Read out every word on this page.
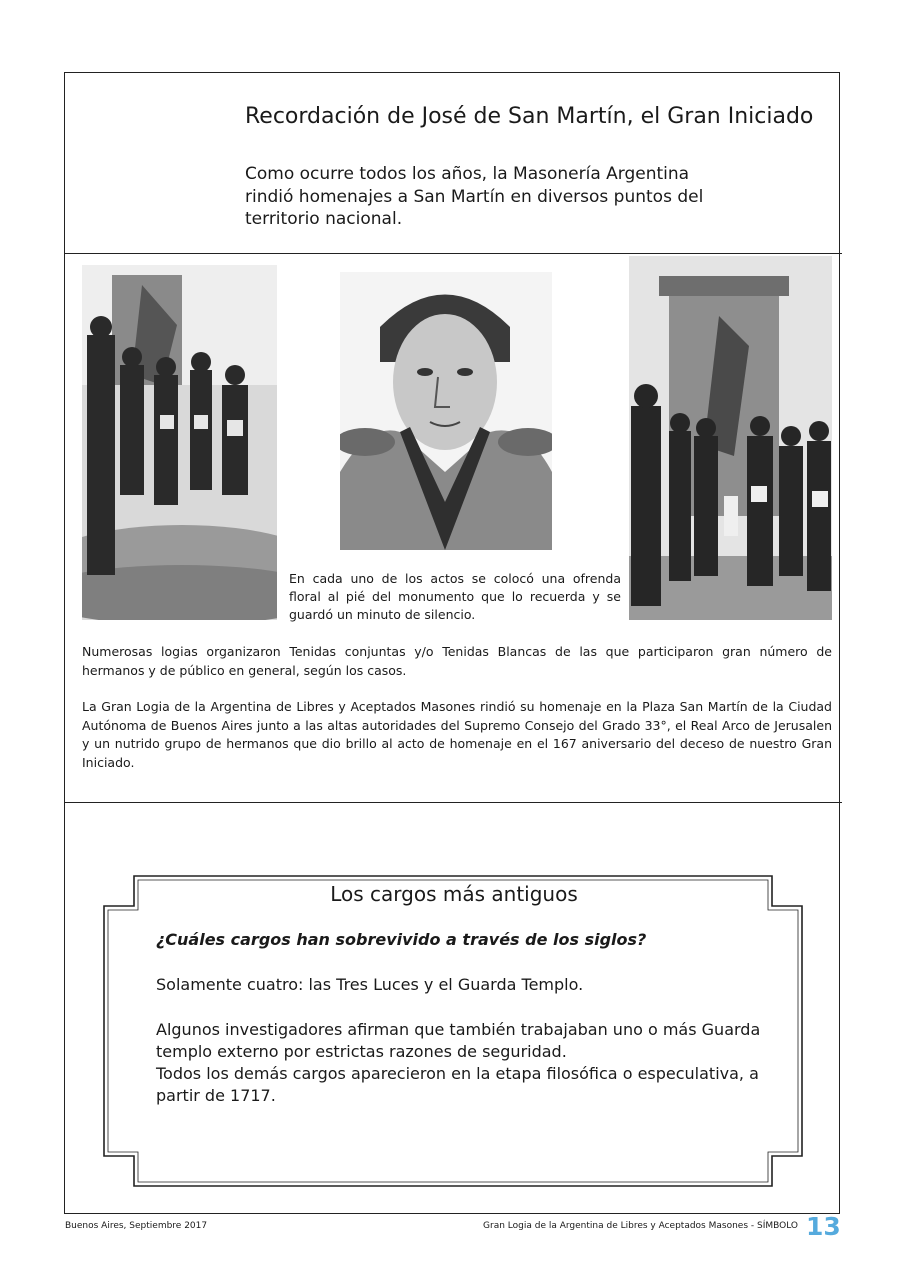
Recordación de José de San Martín, el Gran Iniciado
Como ocurre todos los años, la Masonería Argentina rindió homenajes a San Martín en diversos puntos del territorio nacional.
En cada uno de los actos se colocó una ofrenda floral al pié del monumento que lo recuerda y se guardó un minuto de silencio.
Numerosas logias organizaron Tenidas conjuntas y/o Tenidas Blancas de las que participaron gran número de hermanos y de público en general, según los casos.
La Gran Logia de la Argentina de Libres y Aceptados Masones rindió su homenaje en la Plaza San Martín de la Ciudad Autónoma de Buenos Aires junto a las altas autoridades del Supremo Consejo del Grado 33°, el Real Arco de Jerusalen y un nutrido grupo de hermanos que dio brillo al acto de homenaje en el 167 aniversario del deceso de nuestro Gran Iniciado.
Los cargos más antiguos
¿Cuáles cargos han sobrevivido a través de los siglos?
Solamente cuatro: las Tres Luces y el Guarda Templo.
Algunos investigadores afirman que también trabajaban uno o más Guarda templo externo por estrictas razones de seguridad.
Todos los demás cargos aparecieron en la etapa filosófica o especulativa, a partir de 1717.
Buenos Aires, Septiembre 2017	Gran Logia de la Argentina de Libres y Aceptados Masones - SÍMBOLO 13
